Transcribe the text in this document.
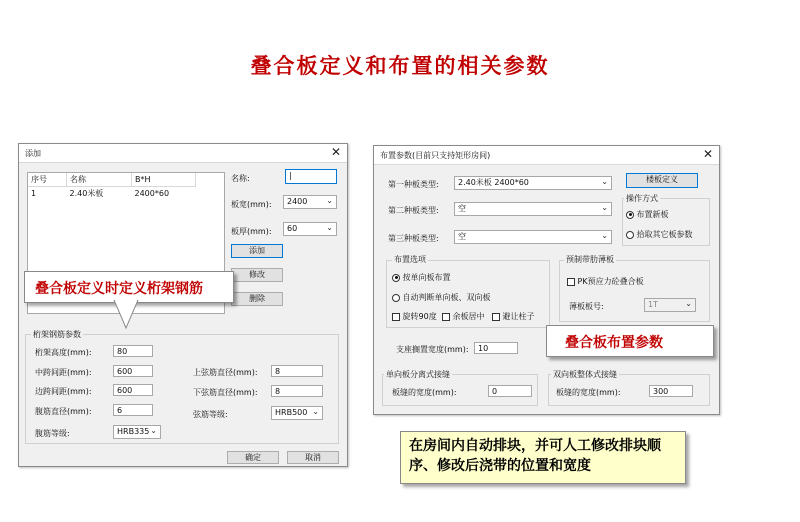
叠合板定义和布置的相关参数
添加	✕
序号	名称	B*H
1	2.40米板	2400*60
名称:	|
板宽(mm):	2400 ⌄
板厚(mm):	60	⌄
添加
修改
删除
桁架钢筋参数
桁架高度(mm):	80
中跨间距(mm):	600
边跨间距(mm):	600
腹筋直径(mm):	6
腹筋等级:	HRB335 ⌄
上弦筋直径(mm):	8
下弦筋直径(mm):	8
弦筋等级:	HRB500 ⌄
确定	取消
叠合板定义时定义桁架钢筋
布置参数(目前只支持矩形房间)	✕
第一种板类型:	2.40米板 2400*60	⌄
第二种板类型:	空	⌄
第三种板类型:	空	⌄
楼板定义
操作方式
布置新板
拾取其它板参数
布置选项
按单向板布置
自动判断单向板、双向板
旋转90度	余板居中	避让柱子
预制带肋薄板
PK预应力砼叠合板
薄板板号:	1T	⌄
支座搁置宽度(mm):	10
单向板分离式接缝
板缝的宽度(mm):	0
双向板整体式接缝
板缝的宽度(mm):	300
叠合板布置参数
在房间内自动排块，并可人工修改排块顺序、修改后浇带的位置和宽度
